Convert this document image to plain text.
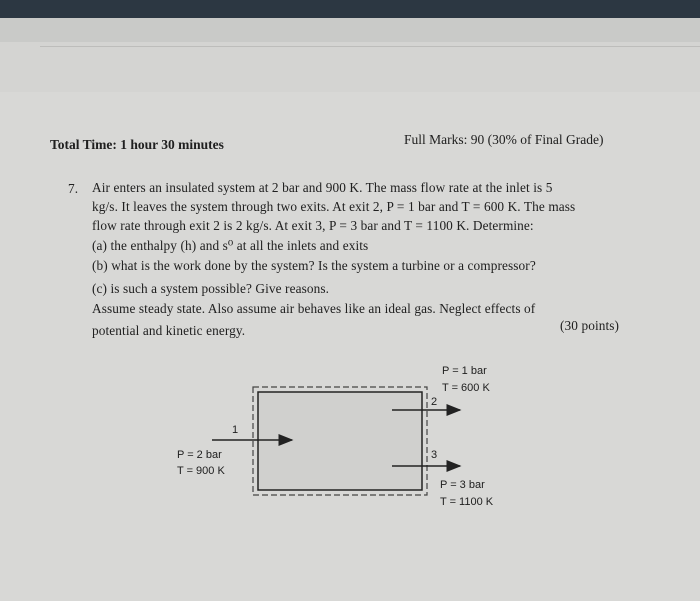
Total Time: 1 hour 30 minutes	Full Marks: 90 (30% of Final Grade)
7. Air enters an insulated system at 2 bar and 900 K. The mass flow rate at the inlet is 5
kg/s. It leaves the system through two exits. At exit 2, P = 1 bar and T = 600 K. The mass
flow rate through exit 2 is 2 kg/s. At exit 3, P = 3 bar and T = 1100 K. Determine:
(a) the enthalpy (h) and s⁰ at all the inlets and exits
(b) what is the work done by the system? Is the system a turbine or a compressor?
(c) is such a system possible? Give reasons.
Assume steady state. Also assume air behaves like an ideal gas. Neglect effects of
potential and kinetic energy.	(30 points)
1
P = 2 bar
T = 900 K
2
P = 1 bar
T = 600 K
3
P = 3 bar
T = 1100 K
